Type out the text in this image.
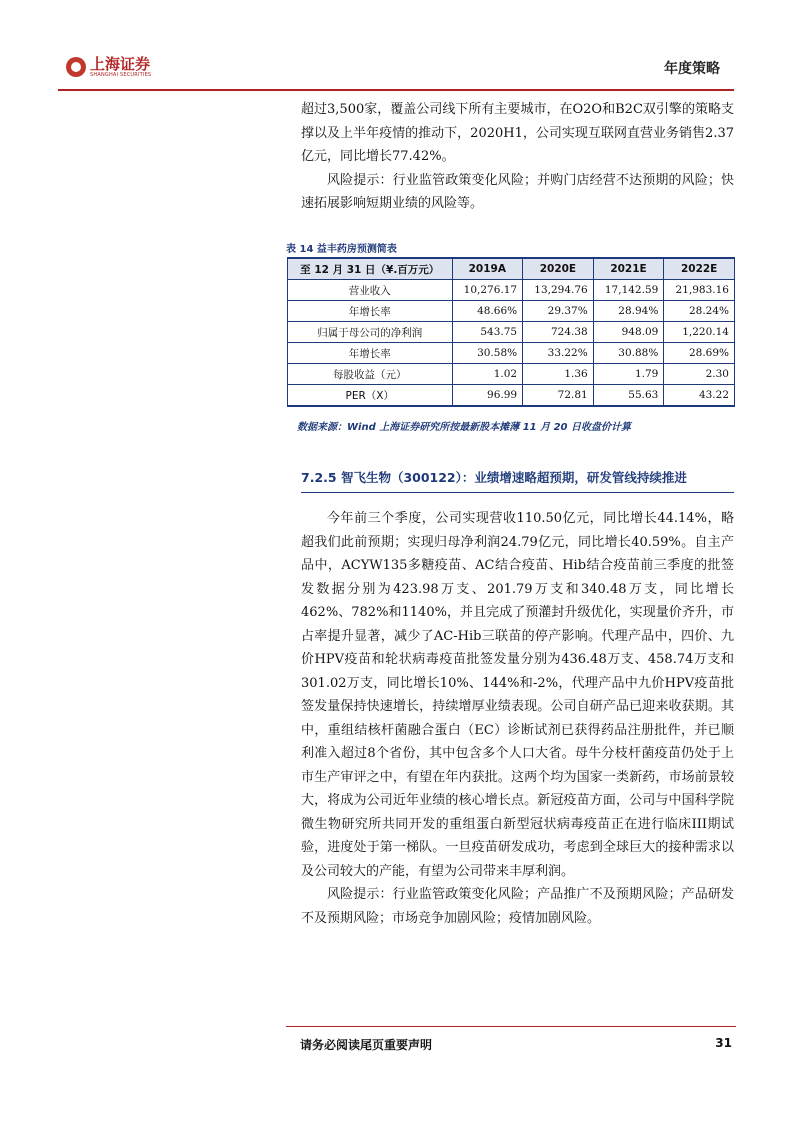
上海证券
SHANGHAI SECURITIES	年度策略

超过3,500家，覆盖公司线下所有主要城市，在O2O和B2C双引擎的策略支撑以及上半年疫情的推动下，2020H1，公司实现互联网直营业务销售2.37亿元，同比增长77.42%。

风险提示：行业监管政策变化风险；并购门店经营不达预期的风险；快速拓展影响短期业绩的风险等。

表 14 益丰药房预测简表
至 12 月 31 日（¥.百万元）	2019A	2020E	2021E	2022E
营业收入	10,276.17	13,294.76	17,142.59	21,983.16
年增长率	48.66%	29.37%	28.94%	28.24%
归属于母公司的净利润	543.75	724.38	948.09	1,220.14
年增长率	30.58%	33.22%	30.88%	28.69%
每股收益（元）	1.02	1.36	1.79	2.30
PER（X）	96.99	72.81	55.63	43.22
数据来源：Wind 上海证券研究所按最新股本摊薄 11 月 20 日收盘价计算
7.2.5 智飞生物（300122）：业绩增速略超预期，研发管线持续推进

今年前三个季度，公司实现营收110.50亿元，同比增长44.14%，略超我们此前预期；实现归母净利润24.79亿元，同比增长40.59%。自主产品中，ACYW135多糖疫苗、AC结合疫苗、Hib结合疫苗前三季度的批签发数据分别为423.98万支、201.79万支和340.48万支，同比增长462%、782%和1140%，并且完成了预灌封升级优化，实现量价齐升，市占率提升显著，减少了AC-Hib三联苗的停产影响。代理产品中，四价、九价HPV疫苗和轮状病毒疫苗批签发量分别为436.48万支、458.74万支和301.02万支，同比增长10%、144%和-2%，代理产品中九价HPV疫苗批签发量保持快速增长，持续增厚业绩表现。公司自研产品已迎来收获期。其中，重组结核杆菌融合蛋白（EC）诊断试剂已获得药品注册批件，并已顺利准入超过8个省份，其中包含多个人口大省。母牛分枝杆菌疫苗仍处于上市生产审评之中，有望在年内获批。这两个均为国家一类新药，市场前景较大，将成为公司近年业绩的核心增长点。新冠疫苗方面，公司与中国科学院微生物研究所共同开发的重组蛋白新型冠状病毒疫苗正在进行临床III期试验，进度处于第一梯队。一旦疫苗研发成功，考虑到全球巨大的接种需求以及公司较大的产能，有望为公司带来丰厚利润。

风险提示：行业监管政策变化风险；产品推广不及预期风险；产品研发不及预期风险；市场竞争加剧风险；疫情加剧风险。

请务必阅读尾页重要声明	31
